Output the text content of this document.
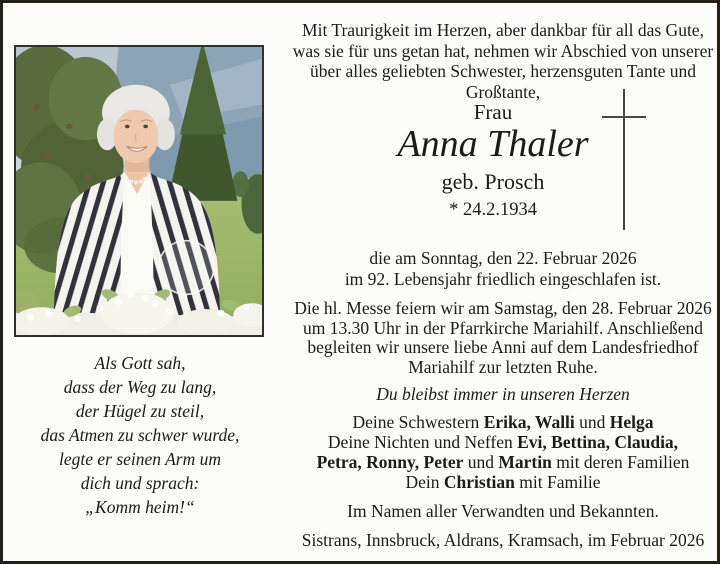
Als Gott sah,
dass der Weg zu lang,
der Hügel zu steil,
das Atmen zu schwer wurde,
legte er seinen Arm um
dich und sprach:
„Komm heim!“
Mit Traurigkeit im Herzen, aber dankbar für all das Gute,
was sie für uns getan hat, nehmen wir Abschied von unserer
über alles geliebten Schwester, herzensguten Tante und Großtante,
Frau
Anna Thaler
geb. Prosch
* 24.2.1934
die am Sonntag, den 22. Februar 2026
im 92. Lebensjahr friedlich eingeschlafen ist.
Die hl. Messe feiern wir am Samstag, den 28. Februar 2026
um 13.30 Uhr in der Pfarrkirche Mariahilf. Anschließend
begleiten wir unsere liebe Anni auf dem Landesfriedhof
Mariahilf zur letzten Ruhe.
Du bleibst immer in unseren Herzen
Deine Schwestern Erika, Walli und Helga
Deine Nichten und Neffen Evi, Bettina, Claudia,
Petra, Ronny, Peter und Martin mit deren Familien
Dein Christian mit Familie
Im Namen aller Verwandten und Bekannten.
Sistrans, Innsbruck, Aldrans, Kramsach, im Februar 2026
